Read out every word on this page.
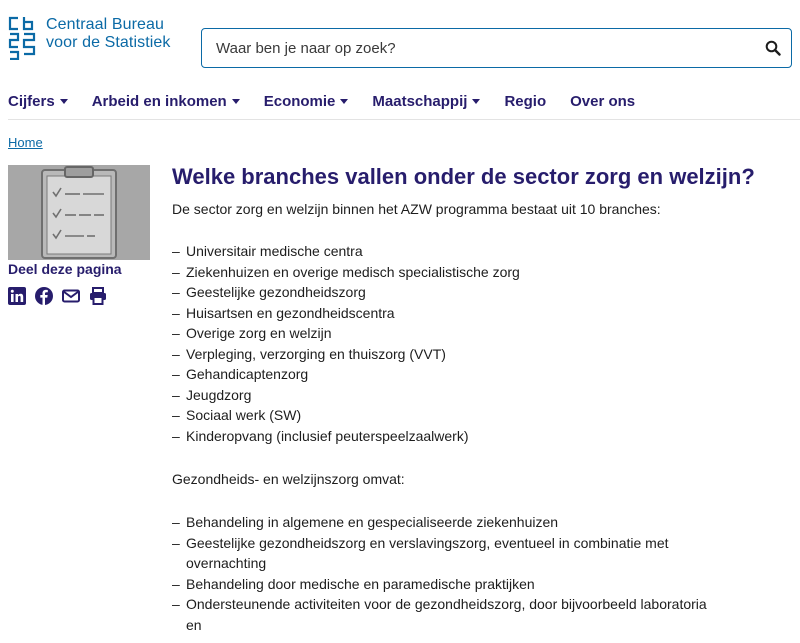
Centraal Bureau
voor de Statistiek
Waar ben je naar op zoek?
Cijfers Arbeid en inkomen Economie Maatschappij Regio Over ons
Home
Deel deze pagina
Welke branches vallen onder de sector zorg en welzijn?

De sector zorg en welzijn binnen het AZW programma bestaat uit 10 branches:

– Universitair medische centra
– Ziekenhuizen en overige medisch specialistische zorg
– Geestelijke gezondheidszorg
– Huisartsen en gezondheidscentra
– Overige zorg en welzijn
– Verpleging, verzorging en thuiszorg (VVT)
– Gehandicaptenzorg
– Jeugdzorg
– Sociaal werk (SW)
– Kinderopvang (inclusief peuterspeelzaalwerk)

Gezondheids- en welzijnszorg omvat:

– Behandeling in algemene en gespecialiseerde ziekenhuizen
– Geestelijke gezondheidszorg en verslavingszorg, eventueel in combinatie met overnachting
– Behandeling door medische en paramedische praktijken
– Ondersteunende activiteiten voor de gezondheidszorg, door bijvoorbeeld laboratoria en
